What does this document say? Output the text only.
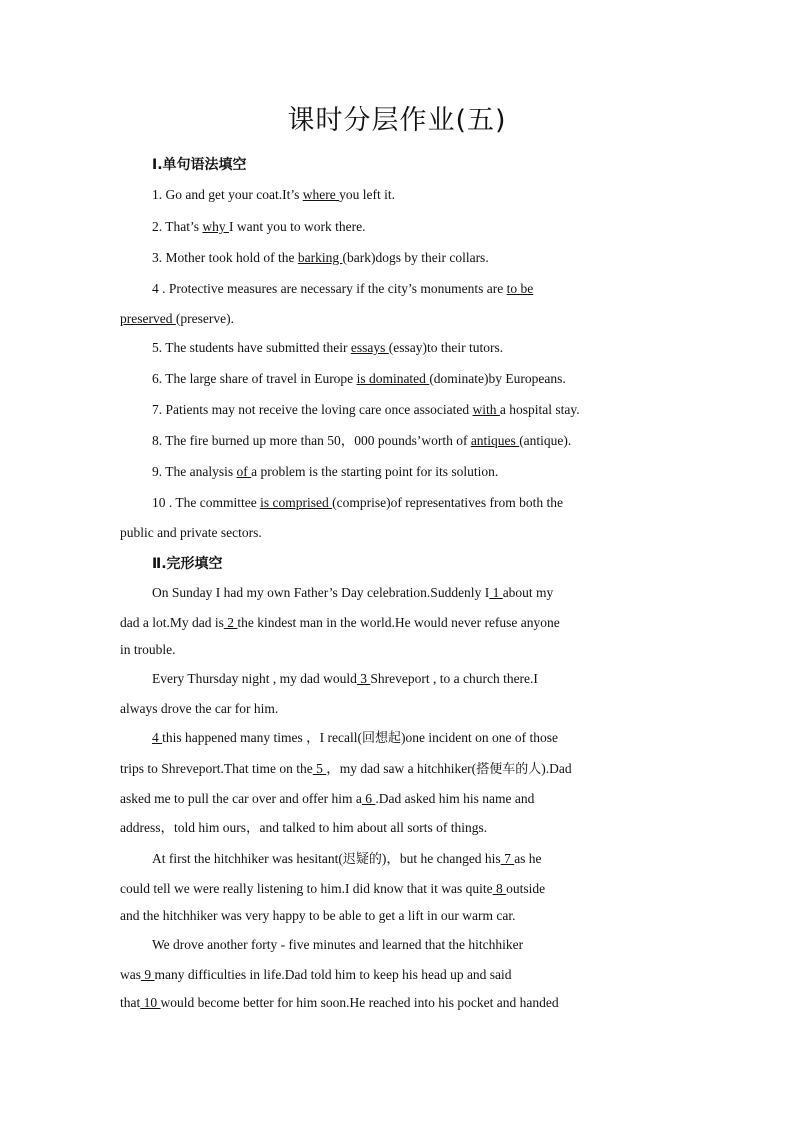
课时分层作业(五)
Ⅰ.单句语法填空
1. Go and get your coat.It’s where you left it.
2. That’s why I want you to work there.
3. Mother took hold of the barking (bark)dogs by their collars.
4 . Protective measures are necessary if the city’s monuments are to be
preserved (preserve).
5. The students have submitted their essays (essay)to their tutors.
6. The large share of travel in Europe is dominated (dominate)by Europeans.
7. Patients may not receive the loving care once associated with a hospital stay.
8. The fire burned up more than 50，000 pounds’worth of antiques (antique).
9. The analysis of a problem is the starting point for its solution.
10 . The committee is comprised (comprise)of representatives from both the
public and private sectors.
Ⅱ.完形填空
On Sunday I had my own Father’s Day celebration.Suddenly I 1 about my
dad a lot.My dad is 2 the kindest man in the world.He would never refuse anyone
in trouble.
Every Thursday night , my dad would 3 Shreveport , to a church there.I
always drove the car for him.
4 this happened many times ，I recall(回想起)one incident on one of those
trips to Shreveport.That time on the 5 ，my dad saw a hitchhiker(搭便车的人).Dad
asked me to pull the car over and offer him a 6 .Dad asked him his name and
address，told him ours，and talked to him about all sorts of things.
At first the hitchhiker was hesitant(迟疑的)，but he changed his 7 as he
could tell we were really listening to him.I did know that it was quite 8 outside
and the hitchhiker was very happy to be able to get a lift in our warm car.
We drove another forty - five minutes and learned that the hitchhiker
was 9 many difficulties in life.Dad told him to keep his head up and said
that 10 would become better for him soon.He reached into his pocket and handed
